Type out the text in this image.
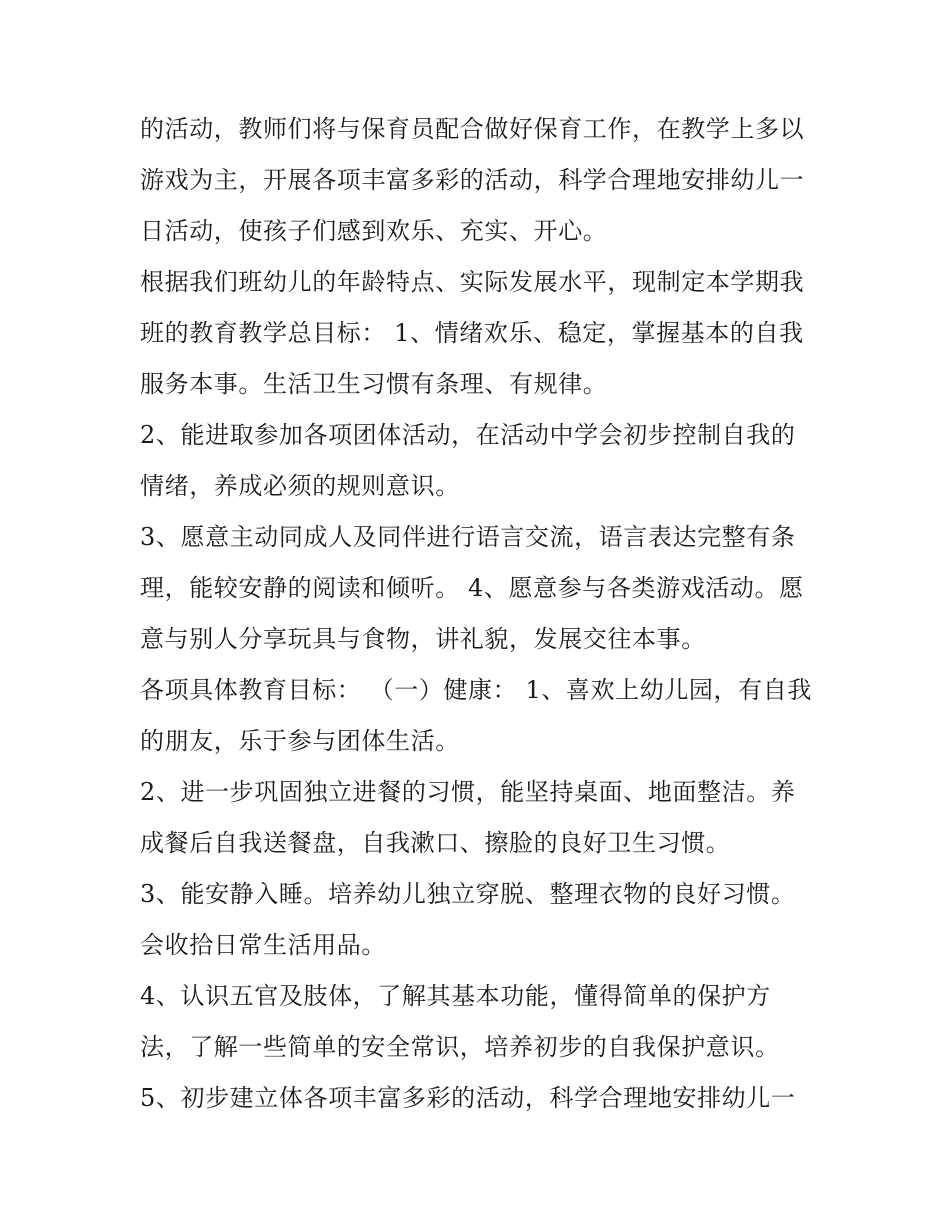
的活动，教师们将与保育员配合做好保育工作，在教学上多以
游戏为主，开展各项丰富多彩的活动，科学合理地安排幼儿一
日活动，使孩子们感到欢乐、充实、开心。
根据我们班幼儿的年龄特点、实际发展水平，现制定本学期我
班的教育教学总目标： 1、情绪欢乐、稳定，掌握基本的自我
服务本事。生活卫生习惯有条理、有规律。
2、能进取参加各项团体活动，在活动中学会初步控制自我的
情绪，养成必须的规则意识。
3、愿意主动同成人及同伴进行语言交流，语言表达完整有条
理，能较安静的阅读和倾听。 4、愿意参与各类游戏活动。愿
意与别人分享玩具与食物，讲礼貌，发展交往本事。
各项具体教育目标： （一）健康： 1、喜欢上幼儿园，有自我
的朋友，乐于参与团体生活。
2、进一步巩固独立进餐的习惯，能坚持桌面、地面整洁。养
成餐后自我送餐盘，自我漱口、擦脸的良好卫生习惯。
3、能安静入睡。培养幼儿独立穿脱、整理衣物的良好习惯。
会收拾日常生活用品。
4、认识五官及肢体，了解其基本功能，懂得简单的保护方
法，了解一些简单的安全常识，培养初步的自我保护意识。
5、初步建立体各项丰富多彩的活动，科学合理地安排幼儿一
